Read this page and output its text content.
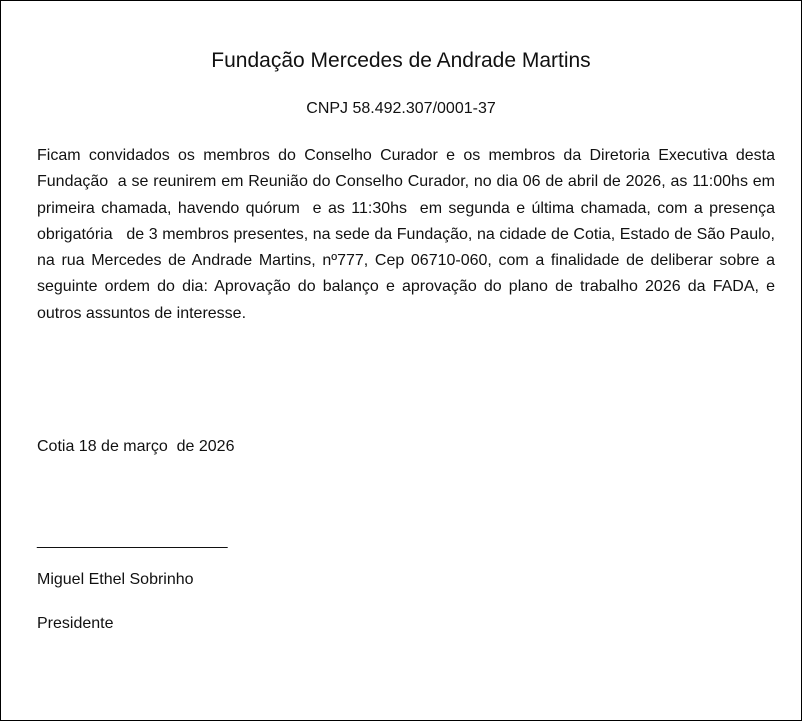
Fundação Mercedes de Andrade Martins
CNPJ 58.492.307/0001-37
Ficam convidados os membros do Conselho Curador e os membros da Diretoria Executiva desta Fundação  a se reunirem em Reunião do Conselho Curador, no dia 06 de abril de 2026, as 11:00hs em primeira chamada, havendo quórum  e as 11:30hs  em segunda e última chamada, com a presença obrigatória   de 3 membros presentes, na sede da Fundação, na cidade de Cotia, Estado de São Paulo, na rua Mercedes de Andrade Martins, nº777, Cep 06710-060, com a finalidade de deliberar sobre a seguinte ordem do dia: Aprovação do balanço e aprovação do plano de trabalho 2026 da FADA, e outros assuntos de interesse.
Cotia 18 de março  de 2026
________________________
Miguel Ethel Sobrinho
Presidente
